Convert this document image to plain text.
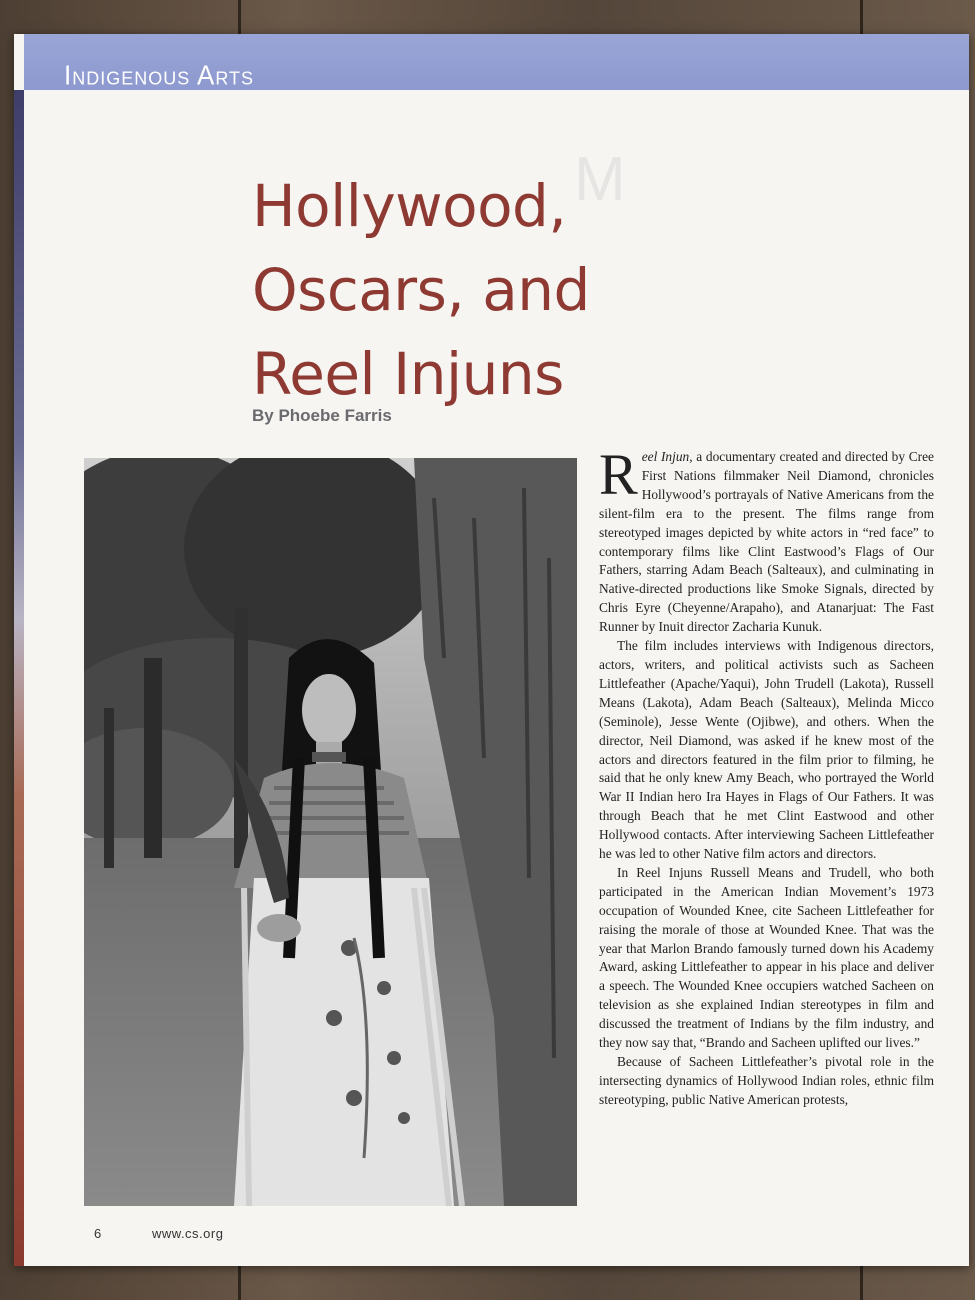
Indigenous Arts
M
Hollywood,
Oscars, and
Reel Injuns
By Phoebe Farris

Reel Injun, a documentary created and directed by Cree First Nations filmmaker Neil Diamond, chronicles Hollywood’s portrayals of Native Americans from the silent-film era to the present. The films range from stereotyped images depicted by white actors in “red face” to contemporary films like Clint Eastwood’s Flags of Our Fathers, starring Adam Beach (Salteaux), and culminating in Native-directed productions like Smoke Signals, directed by Chris Eyre (Cheyenne/Arapaho), and Atanarjuat: The Fast Runner by Inuit director Zacharia Kunuk.

The film includes interviews with Indigenous directors, actors, writers, and political activists such as Sacheen Littlefeather (Apache/Yaqui), John Trudell (Lakota), Russell Means (Lakota), Adam Beach (Salteaux), Melinda Micco (Seminole), Jesse Wente (Ojibwe), and others. When the director, Neil Diamond, was asked if he knew most of the actors and directors featured in the film prior to filming, he said that he only knew Amy Beach, who portrayed the World War II Indian hero Ira Hayes in Flags of Our Fathers. It was through Beach that he met Clint Eastwood and other Hollywood contacts. After interviewing Sacheen Littlefeather he was led to other Native film actors and directors.

In Reel Injuns Russell Means and Trudell, who both participated in the American Indian Movement’s 1973 occupation of Wounded Knee, cite Sacheen Littlefeather for raising the morale of those at Wounded Knee. That was the year that Marlon Brando famously turned down his Academy Award, asking Littlefeather to appear in his place and deliver a speech. The Wounded Knee occupiers watched Sacheen on television as she explained Indian stereotypes in film and discussed the treatment of Indians by the film industry, and they now say that, “Brando and Sacheen uplifted our lives.”

Because of Sacheen Littlefeather’s pivotal role in the intersecting dynamics of Hollywood Indian roles, ethnic film stereotyping, public Native American protests,

6	www.cs.org
